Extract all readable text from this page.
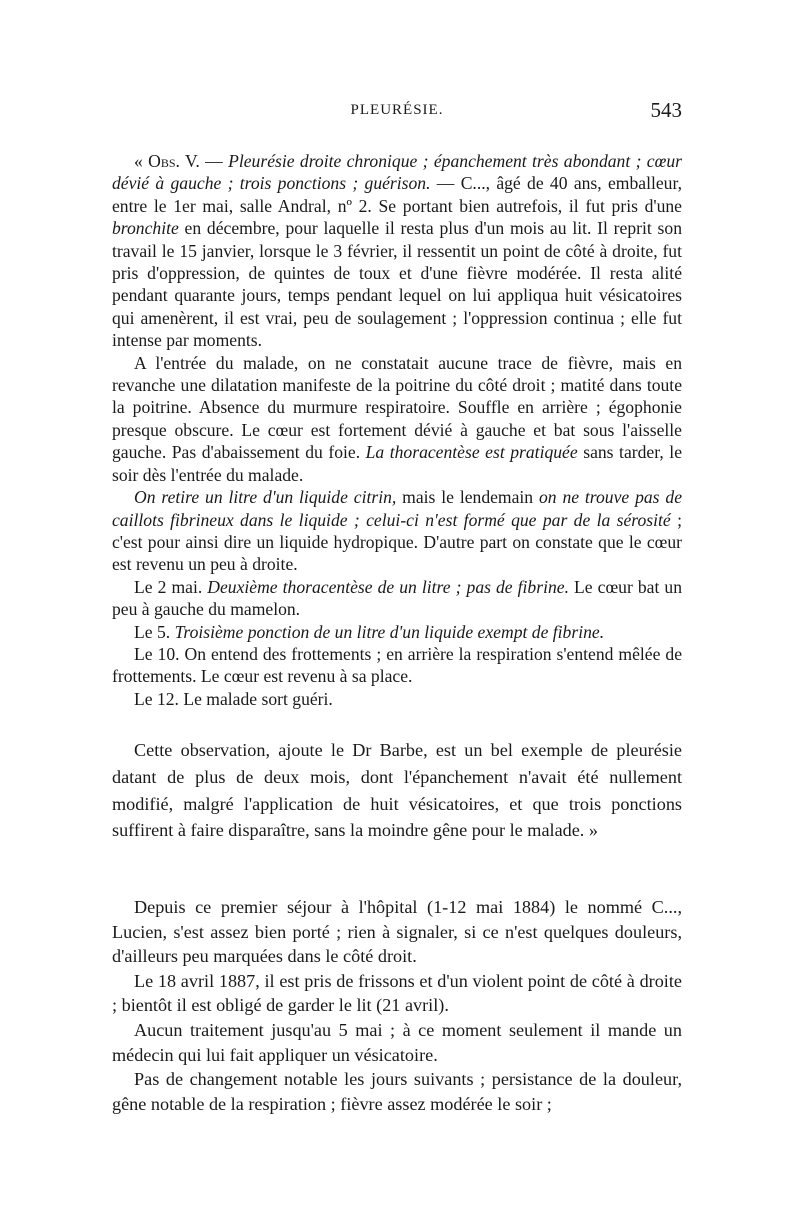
PLEURÉSIE.	543

« Obs. V. — Pleurésie droite chronique ; épanchement très abondant ; cœur dévié à gauche ; trois ponctions ; guérison. — C..., âgé de 40 ans, emballeur, entre le 1er mai, salle Andral, nº 2. Se portant bien autrefois, il fut pris d'une bronchite en décembre, pour laquelle il resta plus d'un mois au lit. Il reprit son travail le 15 janvier, lorsque le 3 février, il ressentit un point de côté à droite, fut pris d'oppression, de quintes de toux et d'une fièvre modérée. Il resta alité pendant quarante jours, temps pendant lequel on lui appliqua huit vésicatoires qui amenèrent, il est vrai, peu de soulagement ; l'oppression continua ; elle fut intense par moments.

A l'entrée du malade, on ne constatait aucune trace de fièvre, mais en revanche une dilatation manifeste de la poitrine du côté droit ; matité dans toute la poitrine. Absence du murmure respiratoire. Souffle en arrière ; égophonie presque obscure. Le cœur est fortement dévié à gauche et bat sous l'aisselle gauche. Pas d'abaissement du foie. La thoracentèse est pratiquée sans tarder, le soir dès l'entrée du malade.

On retire un litre d'un liquide citrin, mais le lendemain on ne trouve pas de caillots fibrineux dans le liquide ; celui-ci n'est formé que par de la sérosité ; c'est pour ainsi dire un liquide hydropique. D'autre part on constate que le cœur est revenu un peu à droite.

Le 2 mai. Deuxième thoracentèse de un litre ; pas de fibrine. Le cœur bat un peu à gauche du mamelon.

Le 5. Troisième ponction de un litre d'un liquide exempt de fibrine.

Le 10. On entend des frottements ; en arrière la respiration s'entend mêlée de frottements. Le cœur est revenu à sa place.

Le 12. Le malade sort guéri.

Cette observation, ajoute le Dr Barbe, est un bel exemple de pleurésie datant de plus de deux mois, dont l'épanchement n'avait été nullement modifié, malgré l'application de huit vésicatoires, et que trois ponctions suffirent à faire disparaître, sans la moindre gêne pour le malade. »

Depuis ce premier séjour à l'hôpital (1-12 mai 1884) le nommé C..., Lucien, s'est assez bien porté ; rien à signaler, si ce n'est quelques douleurs, d'ailleurs peu marquées dans le côté droit.

Le 18 avril 1887, il est pris de frissons et d'un violent point de côté à droite ; bientôt il est obligé de garder le lit (21 avril).

Aucun traitement jusqu'au 5 mai ; à ce moment seulement il mande un médecin qui lui fait appliquer un vésicatoire.

Pas de changement notable les jours suivants ; persistance de la douleur, gêne notable de la respiration ; fièvre assez modérée le soir ;
